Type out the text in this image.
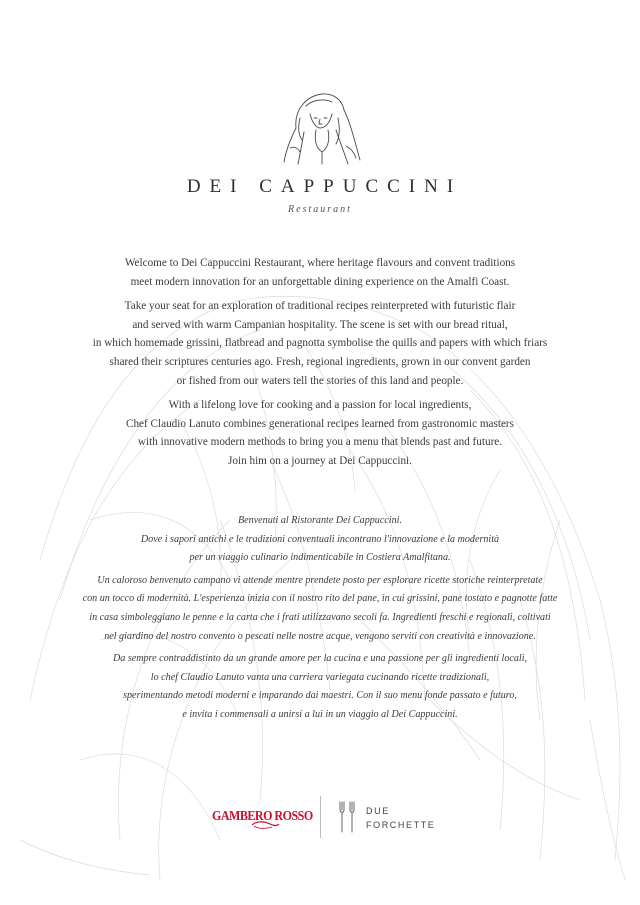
DEI CAPPUCCINI
Restaurant

Welcome to Dei Cappuccini Restaurant, where heritage flavours and convent traditions
meet modern innovation for an unforgettable dining experience on the Amalfi Coast.

Take your seat for an exploration of traditional recipes reinterpreted with futuristic flair
and served with warm Campanian hospitality. The scene is set with our bread ritual,
in which homemade grissini, flatbread and pagnotta symbolise the quills and papers with which friars
shared their scriptures centuries ago. Fresh, regional ingredients, grown in our convent garden
or fished from our waters tell the stories of this land and people.

With a lifelong love for cooking and a passion for local ingredients,
Chef Claudio Lanuto combines generational recipes learned from gastronomic masters
with innovative modern methods to bring you a menu that blends past and future.
Join him on a journey at Dei Cappuccini.

Benvenuti al Ristorante Dei Cappuccini.
Dove i sapori antichi e le tradizioni conventuali incontrano l'innovazione e la modernità
per un viaggio culinario indimenticabile in Costiera Amalfitana.

Un caloroso benvenuto campano vi attende mentre prendete posto per esplorare ricette storiche reinterpretate
con un tocco di modernità. L'esperienza inizia con il nostro rito del pane, in cui grissini, pane tostato e pagnotte fatte
in casa simboleggiano le penne e la carta che i frati utilizzavano secoli fa. Ingredienti freschi e regionali, coltivati
nel giardino del nostro convento o pescati nelle nostre acque, vengono serviti con creatività e innovazione.

Da sempre contraddistinto da un grande amore per la cucina e una passione per gli ingredienti locali,
lo chef Claudio Lanuto vanta una carriera variegata cucinando ricette tradizionali,
sperimentando metodi moderni e imparando dai maestri. Con il suo menu fonde passato e futuro,
e invita i commensali a unirsi a lui in un viaggio al Dei Cappuccini.

GAMBERO ROSSO	DUE
FORCHETTE
